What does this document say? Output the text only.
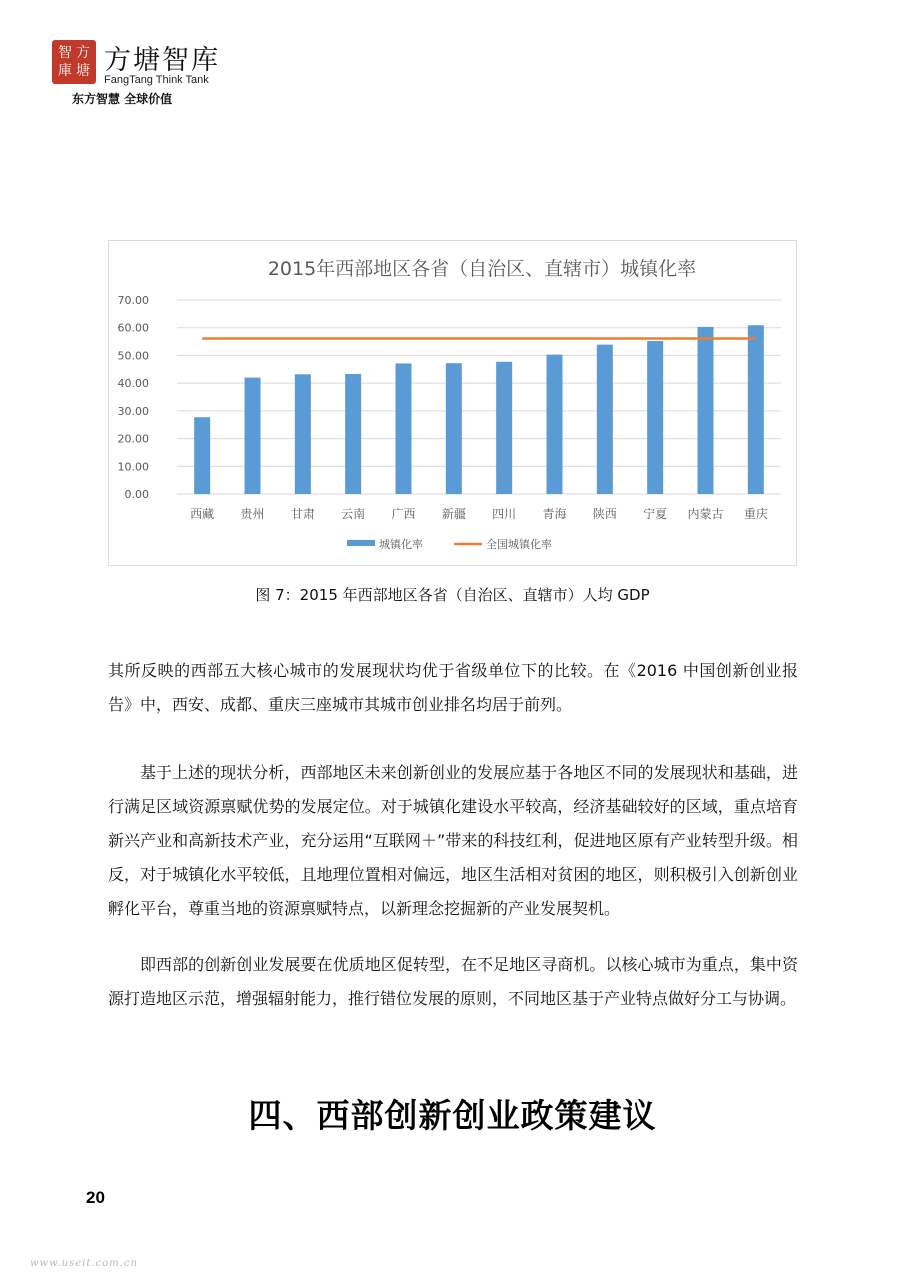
智 方
庫 塘 方塘智库
FangTang Think Tank
东方智慧 全球价值
2015年西部地区各省（自治区、直辖市）城镇化率
0.00
10.00
20.00
30.00
40.00
50.00
60.00
70.00
西藏 贵州 甘肃 云南 广西 新疆 四川 青海 陕西 宁夏 内蒙古 重庆
城镇化率	全国城镇化率
图 7：2015 年西部地区各省（自治区、直辖市）人均 GDP

其所反映的西部五大核心城市的发展现状均优于省级单位下的比较。在《2016 中国创新创业报告》中，西安、成都、重庆三座城市其城市创业排名均居于前列。

基于上述的现状分析，西部地区未来创新创业的发展应基于各地区不同的发展现状和基础，进行满足区域资源禀赋优势的发展定位。对于城镇化建设水平较高，经济基础较好的区域，重点培育新兴产业和高新技术产业，充分运用“互联网＋”带来的科技红利，促进地区原有产业转型升级。相反，对于城镇化水平较低，且地理位置相对偏远，地区生活相对贫困的地区，则积极引入创新创业孵化平台，尊重当地的资源禀赋特点，以新理念挖掘新的产业发展契机。

即西部的创新创业发展要在优质地区促转型，在不足地区寻商机。以核心城市为重点，集中资源打造地区示范，增强辐射能力，推行错位发展的原则，不同地区基于产业特点做好分工与协调。

四、西部创新创业政策建议
20
www.useit.com.cn
